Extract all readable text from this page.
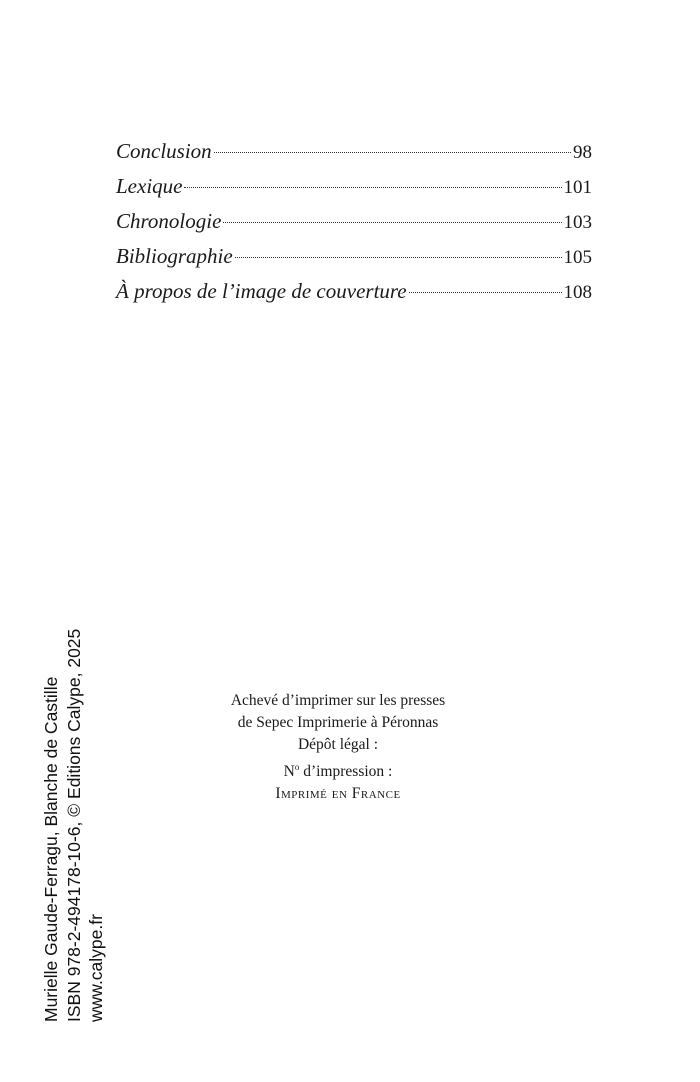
Conclusion	98
Lexique	101
Chronologie	103
Bibliographie	105
À propos de l’image de couverture	108
Achevé d’imprimer sur les presses
de Sepec Imprimerie à Péronnas
Dépôt légal :
$N^o$ d’impression :
Imprimé en France
Murielle Gaude-Ferragu, Blanche de Castille ISBN 978-2-494178-10-6, © Editions Calype, 2025 www.calype.fr
